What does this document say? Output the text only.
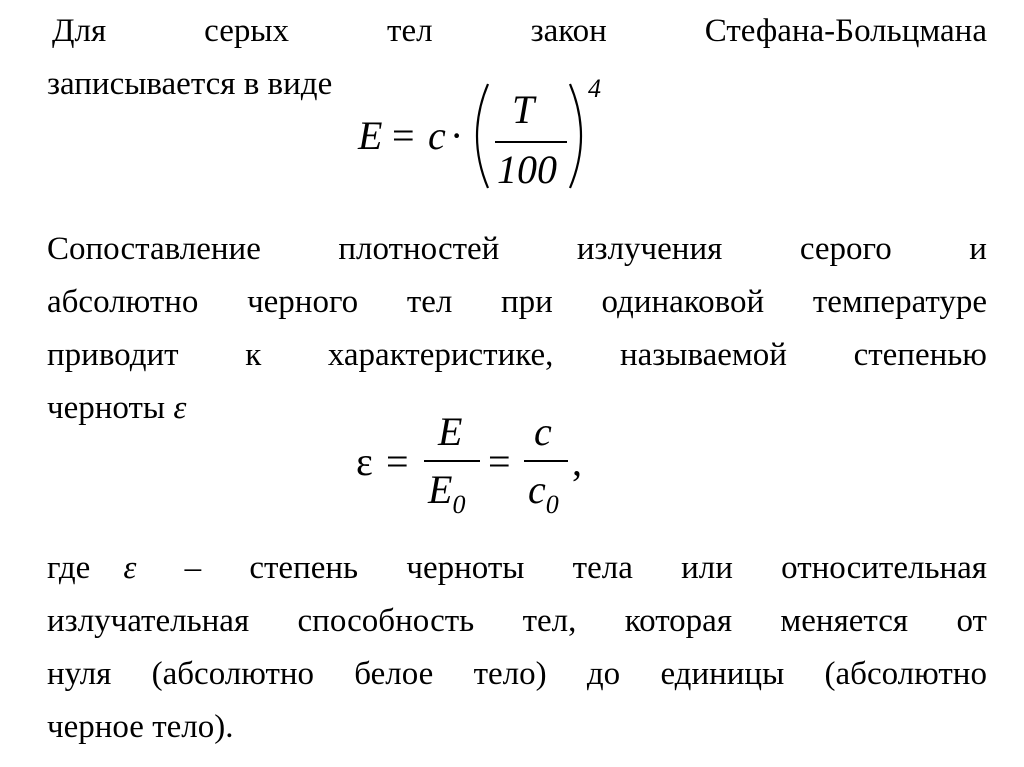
Для	серых	тел	закон	Стефана-Больцмана
записывается в виде
E = c ·
T
100
4
Сопоставление плотностей излучения серого и
абсолютно черного тел при одинаковой температуре
приводит к характеристике, называемой степенью
черноты ε
ε =
E
$E_0$
=
c
$c_0$
,
где ε – степень черноты тела или относительная
излучательная способность тел, которая меняется от
нуля (абсолютно белое тело) до единицы (абсолютно
черное тело).
